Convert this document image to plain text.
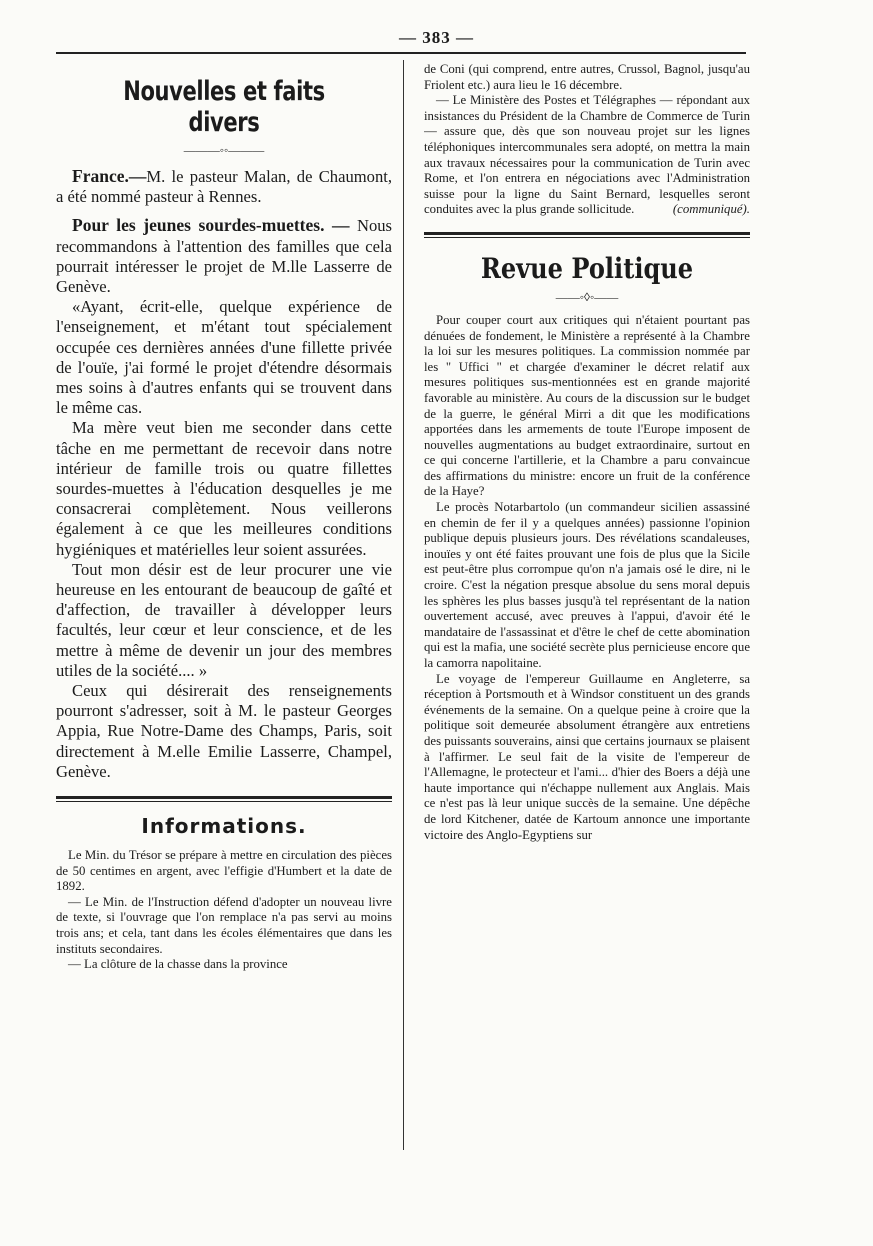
— 383 —
Nouvelles et faits divers
———◦◦———

France.—M. le pasteur Malan, de Chaumont, a été nommé pasteur à Rennes.

Pour les jeunes sourdes-muettes. — Nous recommandons à l'attention des familles que cela pourrait intéresser le projet de M.lle Lasserre de Genève.

«Ayant, écrit-elle, quelque expérience de l'enseignement, et m'étant tout spécialement occupée ces dernières années d'une fillette privée de l'ouïe, j'ai formé le projet d'étendre désormais mes soins à d'autres enfants qui se trouvent dans le même cas.

Ma mère veut bien me seconder dans cette tâche en me permettant de recevoir dans notre intérieur de famille trois ou quatre fillettes sourdes-muettes à l'éducation desquelles je me consacrerai complètement. Nous veillerons également à ce que les meilleures conditions hygiéniques et matérielles leur soient assurées.

Tout mon désir est de leur procurer une vie heureuse en les entourant de beaucoup de gaîté et d'affection, de travailler à développer leurs facultés, leur cœur et leur conscience, et de les mettre à même de devenir un jour des membres utiles de la société.... »

Ceux qui désirerait des renseignements pourront s'adresser, soit à M. le pasteur Georges Appia, Rue Notre-Dame des Champs, Paris, soit directement à M.elle Emilie Lasserre, Champel, Genève.

Informations.

Le Min. du Trésor se prépare à mettre en circulation des pièces de 50 centimes en argent, avec l'effigie d'Humbert et la date de 1892.

— Le Min. de l'Instruction défend d'adopter un nouveau livre de texte, si l'ouvrage que l'on remplace n'a pas servi au moins trois ans; et cela, tant dans les écoles élémentaires que dans les instituts secondaires.

— La clôture de la chasse dans la province

de Coni (qui comprend, entre autres, Crussol, Bagnol, jusqu'au Friolent etc.) aura lieu le 16 décembre.

— Le Ministère des Postes et Télégraphes — répondant aux insistances du Président de la Chambre de Commerce de Turin — assure que, dès que son nouveau projet sur les lignes téléphoniques intercommunales sera adopté, on mettra la main aux travaux nécessaires pour la communication de Turin avec Rome, et l'on entrera en négociations avec l'Administration suisse pour la ligne du Saint Bernard, lesquelles seront conduites avec la plus grande sollicitude.	(communiqué).

Revue Politique
——◦◊◦——

Pour couper court aux critiques qui n'étaient pourtant pas dénuées de fondement, le Ministère a représenté à la Chambre la loi sur les mesures politiques. La commission nommée par les " Uffici " et chargée d'examiner le décret relatif aux mesures politiques sus-mentionnées est en grande majorité favorable au ministère. Au cours de la discussion sur le budget de la guerre, le général Mirri a dit que les modifications apportées dans les armements de toute l'Europe imposent de nouvelles augmentations au budget extraordinaire, surtout en ce qui concerne l'artillerie, et la Chambre a paru convaincue des affirmations du ministre: encore un fruit de la conférence de la Haye?

Le procès Notarbartolo (un commandeur sicilien assassiné en chemin de fer il y a quelques années) passionne l'opinion publique depuis plusieurs jours. Des révélations scandaleuses, inouïes y ont été faites prouvant une fois de plus que la Sicile est peut-être plus corrompue qu'on n'a jamais osé le dire, ni le croire. C'est la négation presque absolue du sens moral depuis les sphères les plus basses jusqu'à tel représentant de la nation ouvertement accusé, avec preuves à l'appui, d'avoir été le mandataire de l'assassinat et d'être le chef de cette abomination qui est la mafia, une société secrète plus pernicieuse encore que la camorra napolitaine.

Le voyage de l'empereur Guillaume en Angleterre, sa réception à Portsmouth et à Windsor constituent un des grands événements de la semaine. On a quelque peine à croire que la politique soit demeurée absolument étrangère aux entretiens des puissants souverains, ainsi que certains journaux se plaisent à l'affirmer. Le seul fait de la visite de l'empereur de l'Allemagne, le protecteur et l'ami... d'hier des Boers a déjà une haute importance qui n'échappe nullement aux Anglais. Mais ce n'est pas là leur unique succès de la semaine. Une dépêche de lord Kitchener, datée de Kartoum annonce une importante victoire des Anglo-Egyptiens sur
